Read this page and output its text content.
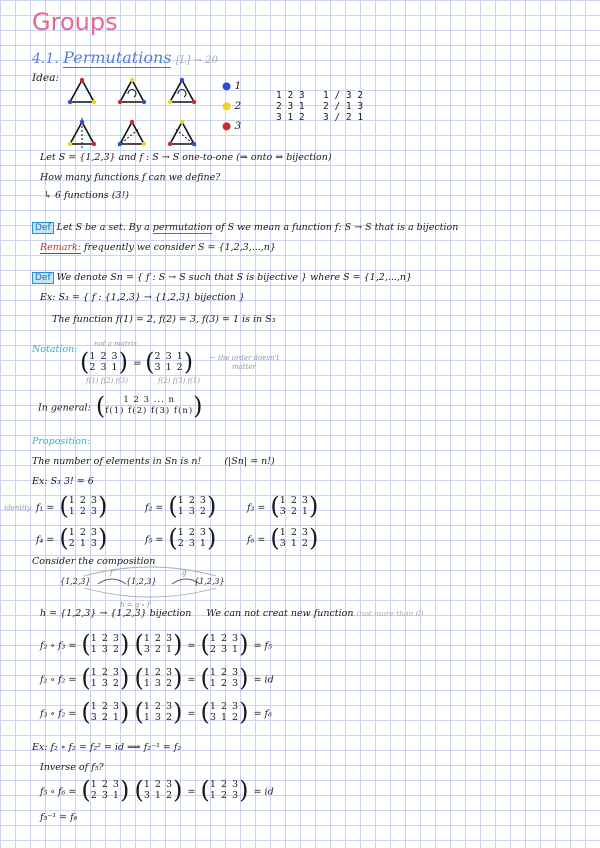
Groups
4.1. Permutations [L] → 20
Idea:
● 1
● 2
● 3
1 2 3
2 3 1
3 1 2
1 / 3 2
2 / 1 3
3 / 2 1
Let S = {1,2,3} and f : S → S one-to-one (⇒ onto ⇔ bijection)
How many functions f can we define?
↳ 6 functions (3!)
Def Let S be a set. By a permutation of S we mean a function f: S → S that is a bijection
Remark: frequently we consider S = {1,2,3,...,n}
Def We denote Sn = { f : S → S such that S is bijective } where S = {1,2,...,n}
Ex: S₃ = { f : {1,2,3} → {1,2,3} bijection }
The function f(1) = 2, f(2) = 3, f(3) = 1 is in S₃
Notation: not a matrix
( 1 2 3
2 3 1 ) = ( 2 3 1
3 1 2 )
f(1) f(2) f(3)	f(2) f(3) f(1)
← the order doesn't
matter
In general: (	1 2 3 ... n
f(1) f(2) f(3) f(n) )
Proposition:
The number of elements in Sn is n! (|Sn| = n!)
Ex: S₃ 3! = 6
identity f₁ = ( 1 2 3
1 2 3 )	f₂ = ( 1 2 3
1 3 2 )	f₃ = ( 1 2 3
3 2 1 )
f₄ = ( 1 2 3
2 1 3 )	f₅ = ( 1 2 3
2 3 1 )	f₆ = ( 1 2 3
3 1 2 )
Consider the composition
f	g
{1,2,3}	{1,2,3}	{1,2,3}
h = g ∘ f
h = {1,2,3} → {1,2,3} bijection We can not creat new function (not more than 6)
f₂ ∘ f₃ = ( 1 2 3
1 3 2 )
( 1 2 3
3 2 1 ) = ( 1 2 3
2 3 1 ) = f₅
f₂ ∘ f₂ = ( 1 2 3
1 3 2 )
( 1 2 3
1 3 2 ) = ( 1 2 3
1 2 3 ) = id
f₃ ∘ f₂ = ( 1 2 3
3 2 1 )
( 1 2 3
1 3 2 ) = ( 1 2 3
3 1 2 ) = f₆
Ex: f₂ ∘ f₂ = f₂² = id ⟹ f₂⁻¹ = f₂
Inverse of f₅?
f₅ ∘ f₆ = ( 1 2 3
2 3 1 )
( 1 2 3
3 1 2 ) = ( 1 2 3
1 2 3 ) = id
f₅⁻¹ = f₆
